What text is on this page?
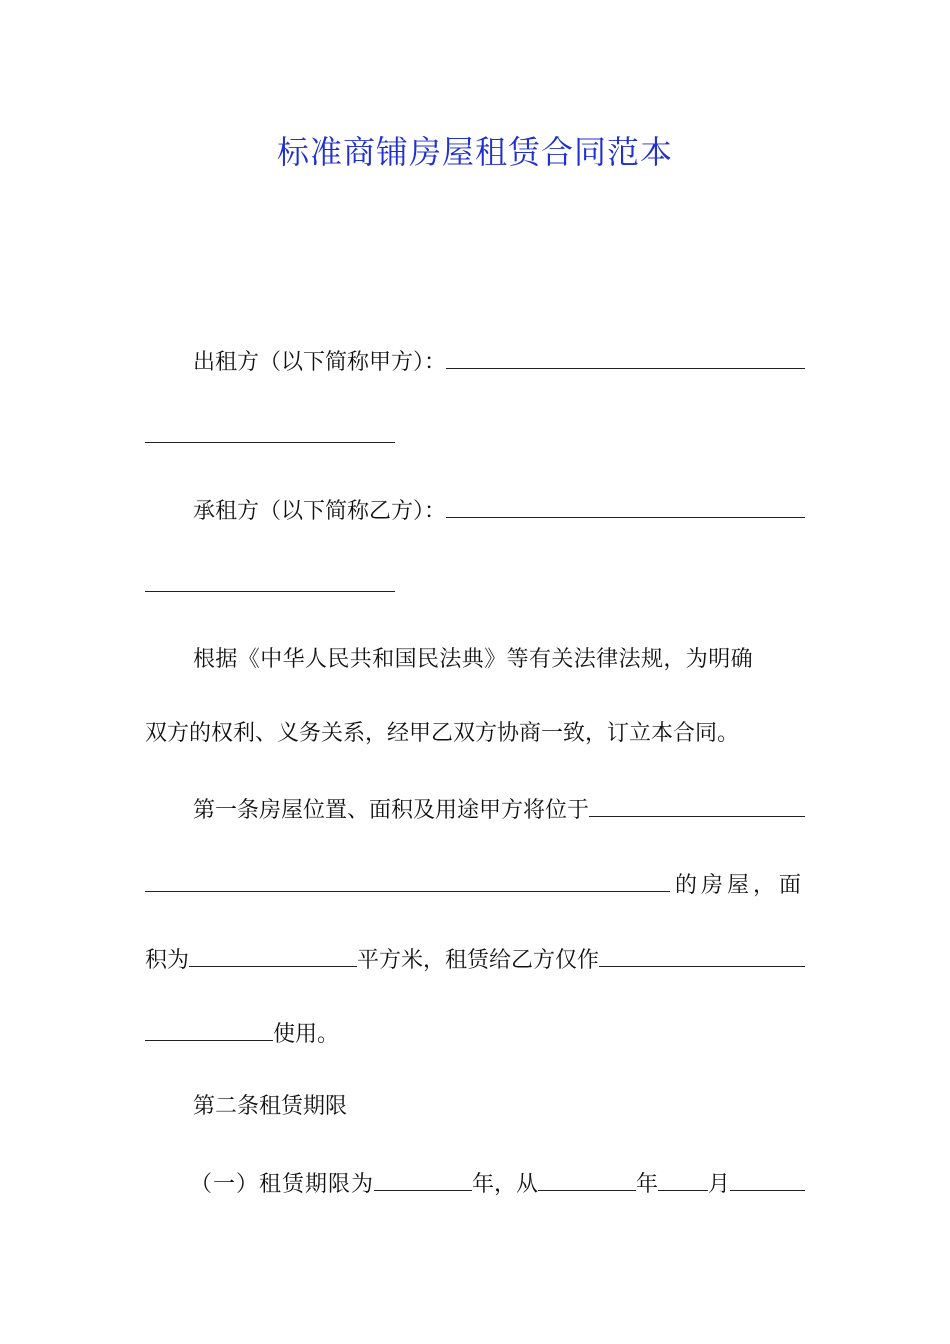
标准商铺房屋租赁合同范本
出租方（以下简称甲方）：
承租方（以下简称乙方）：
根据《中华人民共和国民法典》等有关法律法规，为明确
双方的权利、义务关系，经甲乙双方协商一致，订立本合同。
第一条房屋位置、面积及用途甲方将位于
的房屋，面
积为	平方米，租赁给乙方仅作
使用。
第二条租赁期限
（一）租赁期限为	年，从	年 月
